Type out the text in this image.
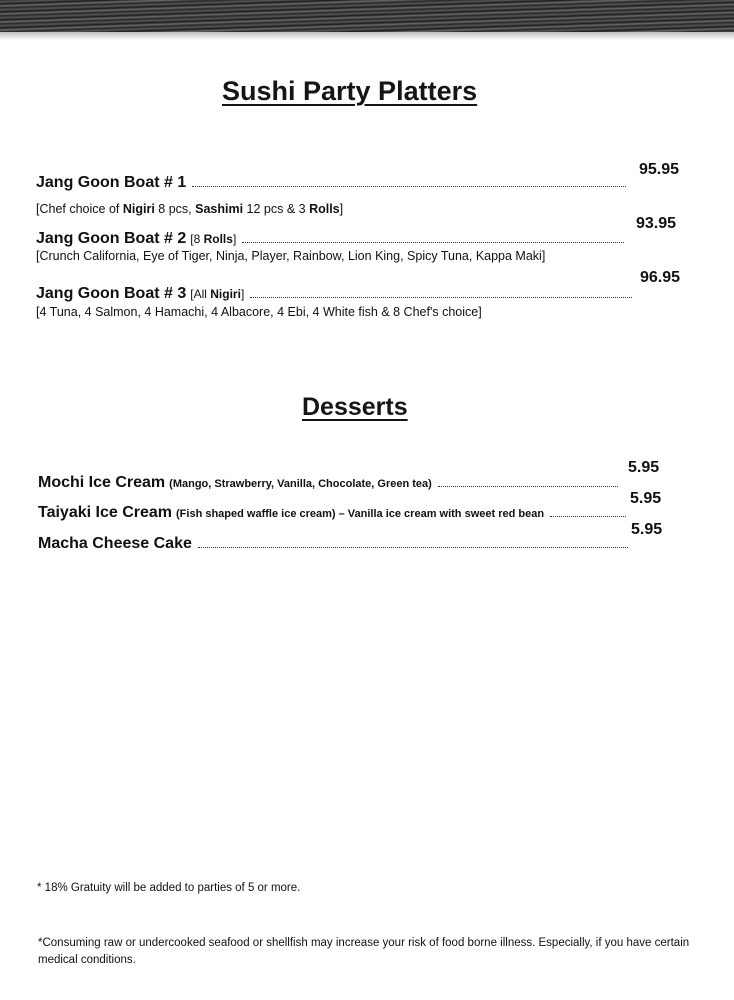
Sushi Party Platters
Jang Goon Boat # 1
95.95
[Chef choice of Nigiri 8 pcs, Sashimi 12 pcs & 3 Rolls]
Jang Goon Boat # 2 [8 Rolls]
93.95
[Crunch California, Eye of Tiger, Ninja, Player, Rainbow, Lion King, Spicy Tuna, Kappa Maki]
Jang Goon Boat # 3 [All Nigiri]
96.95
[4 Tuna, 4 Salmon, 4 Hamachi, 4 Albacore, 4 Ebi, 4 White fish & 8 Chef's choice]
Desserts
Mochi Ice Cream (Mango, Strawberry, Vanilla, Chocolate, Green tea)
5.95
Taiyaki Ice Cream (Fish shaped waffle ice cream) – Vanilla ice cream with sweet red bean
5.95
Macha Cheese Cake
5.95
* 18% Gratuity will be added to parties of 5 or more.
*Consuming raw or undercooked seafood or shellfish may increase your risk of food borne illness. Especially, if you have certain medical conditions.
